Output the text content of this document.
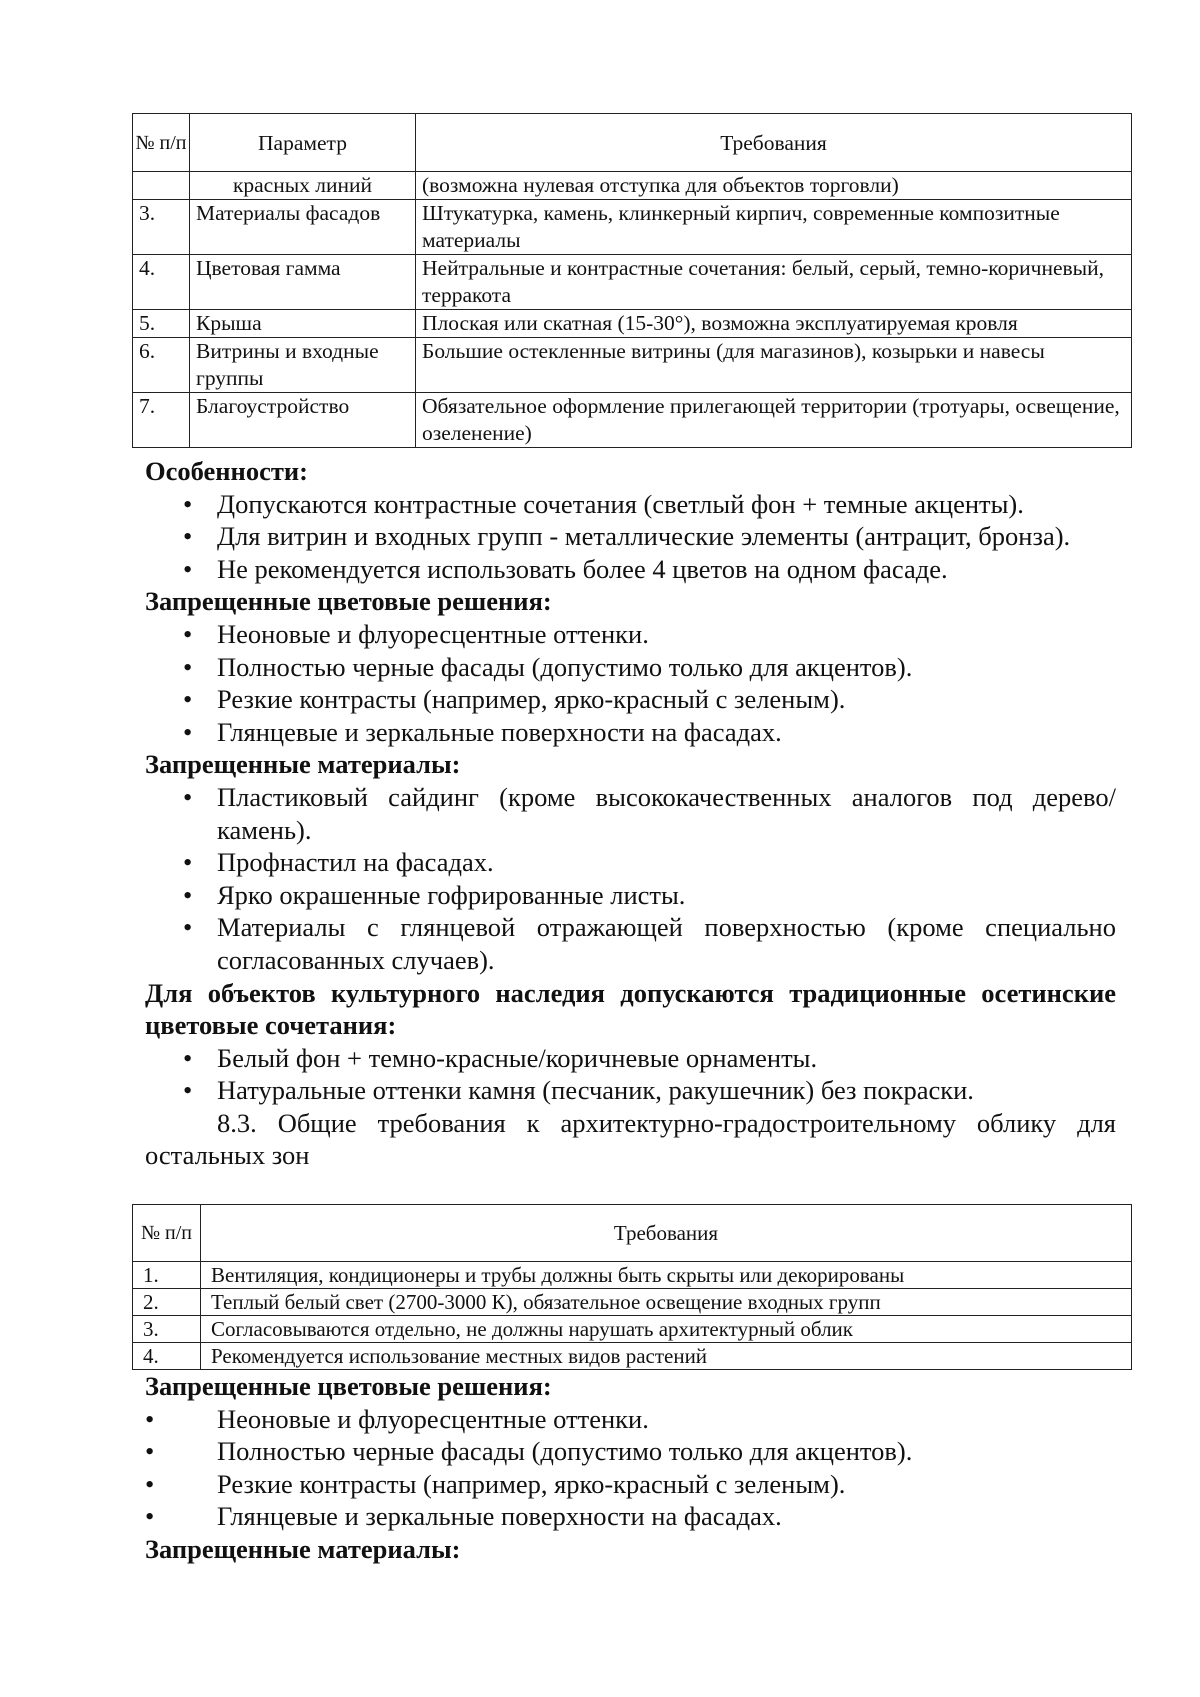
№ п/п	Параметр	Требования
	красных линий	(возможна нулевая отступка для объектов торговли)
3.	Материалы фасадов	Штукатурка, камень, клинкерный кирпич, современные композитные материалы
4.	Цветовая гамма	Нейтральные и контрастные сочетания: белый, серый, темно-коричневый, терракота
5.	Крыша	Плоская или скатная (15-30°), возможна эксплуатируемая кровля
6.	Витрины и входные группы	Большие остекленные витрины (для магазинов), козырьки и навесы
7.	Благоустройство	Обязательное оформление прилегающей территории (тротуары, освещение, озеленение)
Особенности:
• Допускаются контрастные сочетания (светлый фон + темные акценты).
• Для витрин и входных групп - металлические элементы (антрацит, бронза).
• Не рекомендуется использовать более 4 цветов на одном фасаде.
Запрещенные цветовые решения:
• Неоновые и флуоресцентные оттенки.
• Полностью черные фасады (допустимо только для акцентов).
• Резкие контрасты (например, ярко-красный с зеленым).
• Глянцевые и зеркальные поверхности на фасадах.
Запрещенные материалы:
• Пластиковый сайдинг (кроме высококачественных аналогов под дерево/камень).
• Профнастил на фасадах.
• Ярко окрашенные гофрированные листы.
• Материалы с глянцевой отражающей поверхностью (кроме специально согласованных случаев).
Для объектов культурного наследия допускаются традиционные осетинские цветовые сочетания:
• Белый фон + темно-красные/коричневые орнаменты.
• Натуральные оттенки камня (песчаник, ракушечник) без покраски.
8.3. Общие требования к архитектурно-градостроительному облику для остальных зон
№ п/п	Требования
1.	Вентиляция, кондиционеры и трубы должны быть скрыты или декорированы
2.	Теплый белый свет (2700-3000 К), обязательное освещение входных групп
3.	Согласовываются отдельно, не должны нарушать архитектурный облик
4.	Рекомендуется использование местных видов растений
Запрещенные цветовые решения:
• Неоновые и флуоресцентные оттенки.
• Полностью черные фасады (допустимо только для акцентов).
• Резкие контрасты (например, ярко-красный с зеленым).
• Глянцевые и зеркальные поверхности на фасадах.
Запрещенные материалы:
